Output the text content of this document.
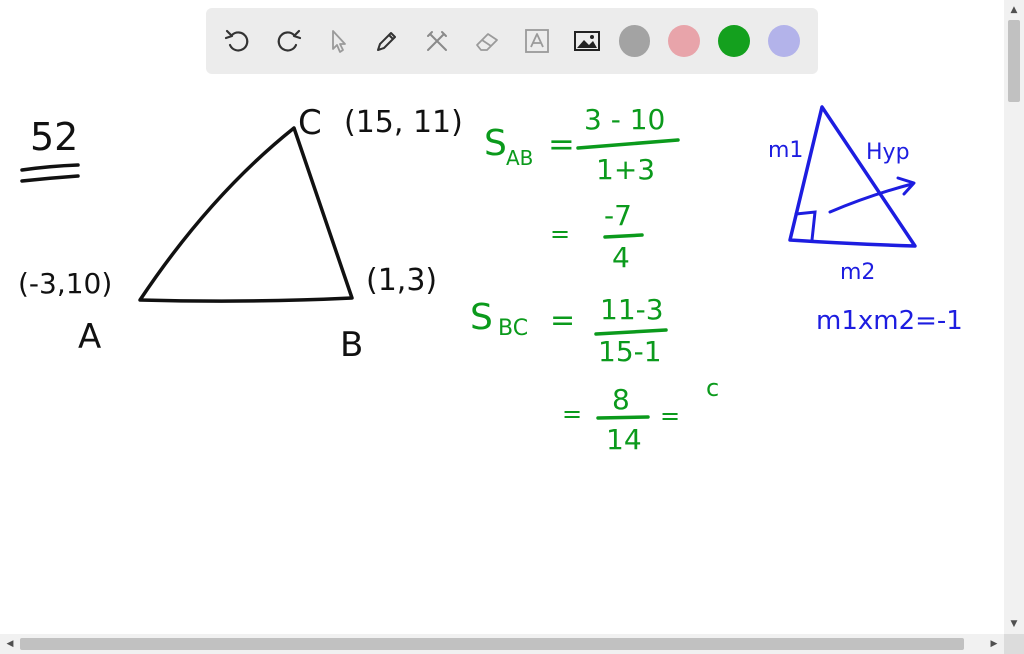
52	C (15, 11)
(-3,10)
A
(1,3)
B
S AB =
3 - 10
1+3
=
-7
4
S BC = 11-3
15-1
= 8
14
=
c
m1	Hyp
m2
m1xm2=-1
▲
▼
◀	▶
